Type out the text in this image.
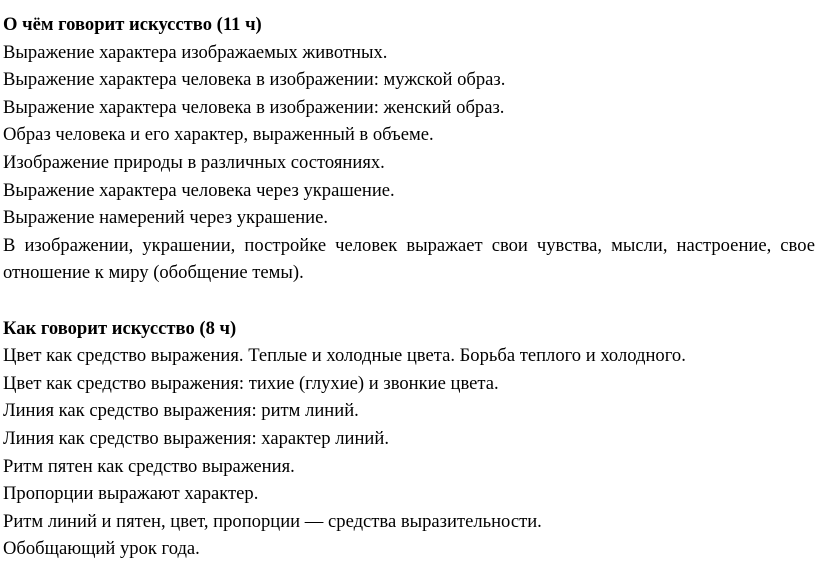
О чём говорит искусство (11 ч)
Выражение характера изображаемых животных.
Выражение характера человека в изображении: мужской образ.
Выражение характера человека в изображении: женский образ.
Образ человека и его характер, выраженный в объеме.
Изображение природы в различных состояниях.
Выражение характера человека через украшение.
Выражение намерений через украшение.
В изображении, украшении, постройке человек выражает свои чувства, мысли, настроение, свое отношение к миру (обобщение темы).
Как говорит искусство (8 ч)
Цвет как средство выражения. Теплые и холодные цвета. Борьба теплого и холодного.
Цвет как средство выражения: тихие (глухие) и звонкие цвета.
Линия как средство выражения: ритм линий.
Линия как средство выражения: характер линий.
Ритм пятен как средство выражения.
Пропорции выражают характер.
Ритм линий и пятен, цвет, пропорции — средства выразительности.
Обобщающий урок года.
